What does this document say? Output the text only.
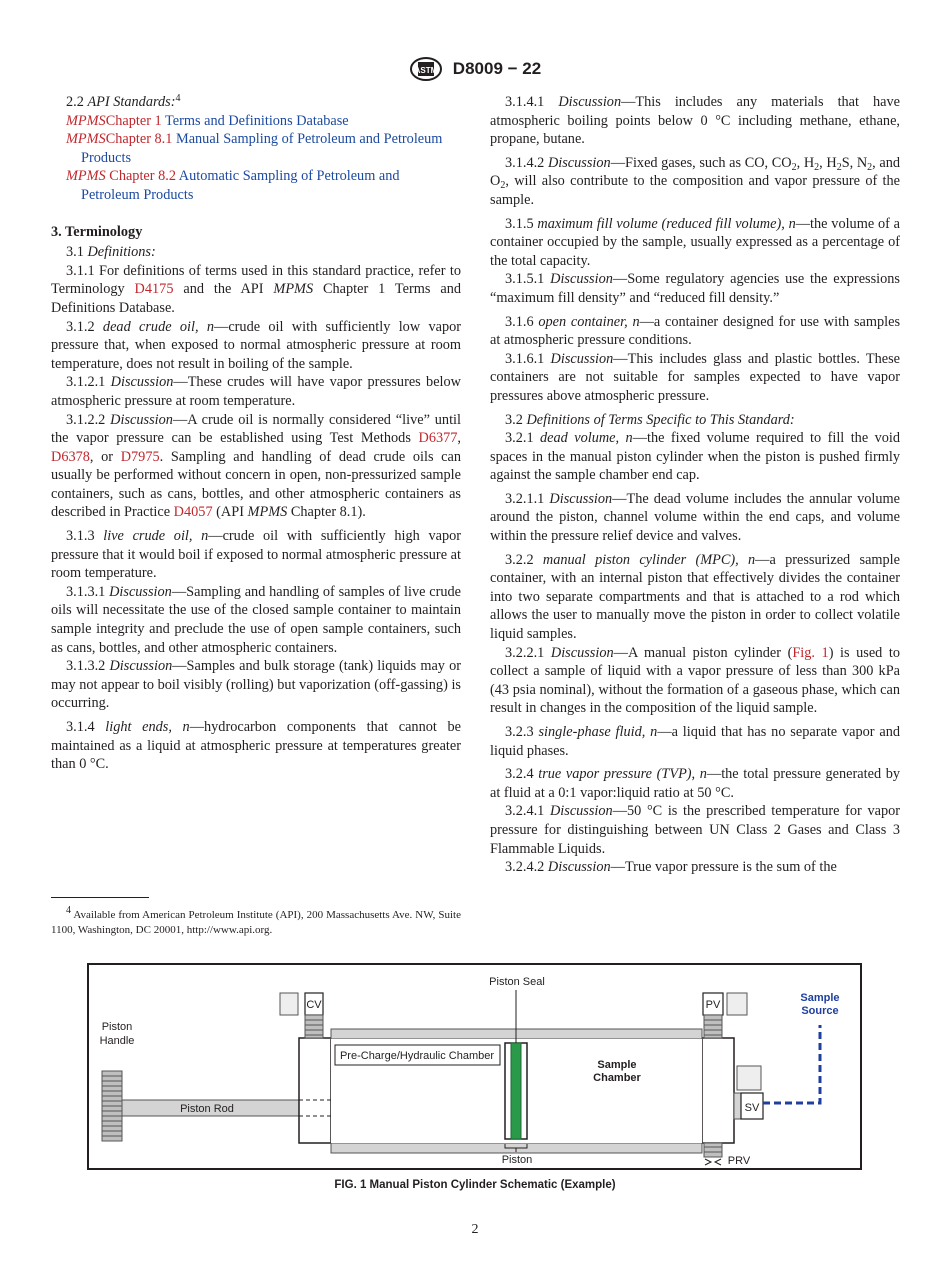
ASTM D8009 − 22

2.2 API Standards:$^4$

MPMSChapter 1 Terms and Definitions Database

MPMSChapter 8.1 Manual Sampling of Petroleum and Petroleum Products

MPMS Chapter 8.2 Automatic Sampling of Petroleum and Petroleum Products

3. Terminology

3.1 Definitions:

3.1.1 For definitions of terms used in this standard practice, refer to Terminology D4175 and the API MPMS Chapter 1 Terms and Definitions Database.

3.1.2 dead crude oil, n—crude oil with sufficiently low vapor pressure that, when exposed to normal atmospheric pressure at room temperature, does not result in boiling of the sample.

3.1.2.1 Discussion—These crudes will have vapor pressures below atmospheric pressure at room temperature.

3.1.2.2 Discussion—A crude oil is normally considered “live” until the vapor pressure can be established using Test Methods D6377, D6378, or D7975. Sampling and handling of dead crude oils can usually be performed without concern in open, non-pressurized sample containers, such as cans, bottles, and other atmospheric containers as described in Practice D4057 (API MPMS Chapter 8.1).

3.1.3 live crude oil, n—crude oil with sufficiently high vapor pressure that it would boil if exposed to normal atmospheric pressure at room temperature.

3.1.3.1 Discussion—Sampling and handling of samples of live crude oils will necessitate the use of the closed sample container to maintain sample integrity and preclude the use of open sample containers, such as cans, bottles, and other atmospheric containers.

3.1.3.2 Discussion—Samples and bulk storage (tank) liquids may or may not appear to boil visibly (rolling) but vaporization (off-gassing) is occurring.

3.1.4 light ends, n—hydrocarbon components that cannot be maintained as a liquid at atmospheric pressure at temperatures greater than 0 °C.

3.1.4.1 Discussion—This includes any materials that have atmospheric boiling points below 0 °C including methane, ethane, propane, butane.

3.1.4.2 Discussion—Fixed gases, such as CO, $CO_2$, $H_2$, $H_2S$, $N_2$, and $O_2$, will also contribute to the composition and vapor pressure of the sample.

3.1.5 maximum fill volume (reduced fill volume), n—the volume of a container occupied by the sample, usually expressed as a percentage of the total capacity.

3.1.5.1 Discussion—Some regulatory agencies use the expressions “maximum fill density” and “reduced fill density.”

3.1.6 open container, n—a container designed for use with samples at atmospheric pressure conditions.

3.1.6.1 Discussion—This includes glass and plastic bottles. These containers are not suitable for samples expected to have vapor pressures above atmospheric pressure.

3.2 Definitions of Terms Specific to This Standard:

3.2.1 dead volume, n—the fixed volume required to fill the void spaces in the manual piston cylinder when the piston is pushed firmly against the sample chamber end cap.

3.2.1.1 Discussion—The dead volume includes the annular volume around the piston, channel volume within the end caps, and volume within the pressure relief device and valves.

3.2.2 manual piston cylinder (MPC), n—a pressurized sample container, with an internal piston that effectively divides the container into two separate compartments and that is attached to a rod which allows the user to manually move the piston in order to collect volatile liquid samples.

3.2.2.1 Discussion—A manual piston cylinder (Fig. 1) is used to collect a sample of liquid with a vapor pressure of less than 300 kPa (43 psia nominal), without the formation of a gaseous phase, which can result in changes in the composition of the liquid sample.

3.2.3 single-phase fluid, n—a liquid that has no separate vapor and liquid phases.

3.2.4 true vapor pressure (TVP), n—the total pressure generated by at fluid at a 0:1 vapor:liquid ratio at 50 °C.

3.2.4.1 Discussion—50 °C is the prescribed temperature for vapor pressure for distinguishing between UN Class 2 Gases and Class 3 Flammable Liquids.

3.2.4.2 Discussion—True vapor pressure is the sum of the

$^4$ Available from American Petroleum Institute (API), 200 Massachusetts Ave. NW, Suite 1100, Washington, DC 20001, http://www.api.org.

Piston
Handle
Piston Rod
Piston Seal
Piston
Pre-Charge/Hydraulic Chamber
Sample
Chamber
CV	PV
SV
Sample
Source
PRV
FIG. 1 Manual Piston Cylinder Schematic (Example)
2
